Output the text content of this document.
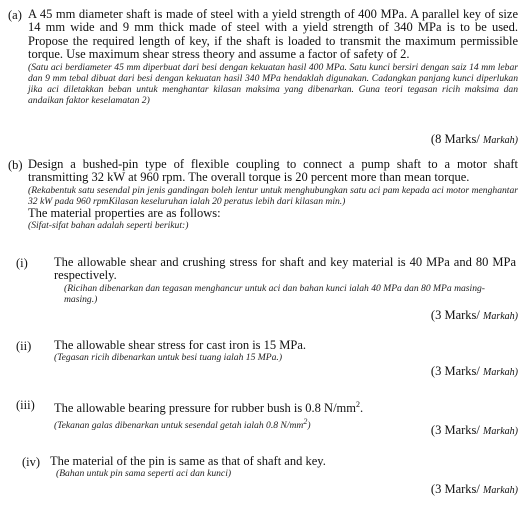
(a) A 45 mm diameter shaft is made of steel with a yield strength of 400 MPa. A parallel key of size 14 mm wide and 9 mm thick made of steel with a yield strength of 340 MPa is to be used. Propose the required length of key, if the shaft is loaded to transmit the maximum permissible torque. Use maximum shear stress theory and assume a factor of safety of 2.
(Satu aci berdiameter 45 mm diperbuat dari besi dengan kekuatan hasil 400 MPa. Satu kunci bersiri dengan saiz 14 mm lebar dan 9 mm tebal dibuat dari besi dengan kekuatan hasil 340 MPa hendaklah digunakan. Cadangkan panjang kunci diperlukan jika aci diletakkan beban untuk menghantar kilasan maksima yang dibenarkan. Guna teori tegasan ricih maksima dan andaikan faktor keselamatan 2)
(8 Marks/ Markah)
(b) Design a bushed-pin type of flexible coupling to connect a pump shaft to a motor shaft transmitting 32 kW at 960 rpm. The overall torque is 20 percent more than mean torque.
(Rekabentuk satu sesendal pin jenis gandingan boleh lentur untuk menghubungkan satu aci pam kepada aci motor menghantar 32 kW pada 960 rpmKilasan keseluruhan ialah 20 peratus lebih dari kilasan min.)
The material properties are as follows:
(Sifat-sifat bahan adalah seperti berikut:)
(i) The allowable shear and crushing stress for shaft and key material is 40 MPa and 80 MPa respectively.
(Ricihan dibenarkan dan tegasan menghancur untuk aci dan bahan kunci ialah 40 MPa dan 80 MPa masing-masing.)
(3 Marks/ Markah)
(ii) The allowable shear stress for cast iron is 15 MPa.
(Tegasan ricih dibenarkan untuk besi tuang ialah 15 MPa.)
(3 Marks/ Markah)
(iii) The allowable bearing pressure for rubber bush is 0.8 $N/mm^2$.
(Tekanan galas dibenarkan untuk sesendal getah ialah 0.8 $N/mm^2$)	(3 Marks/ Markah)
(iv) The material of the pin is same as that of shaft and key.
(Bahan untuk pin sama seperti aci dan kunci)
(3 Marks/ Markah)
